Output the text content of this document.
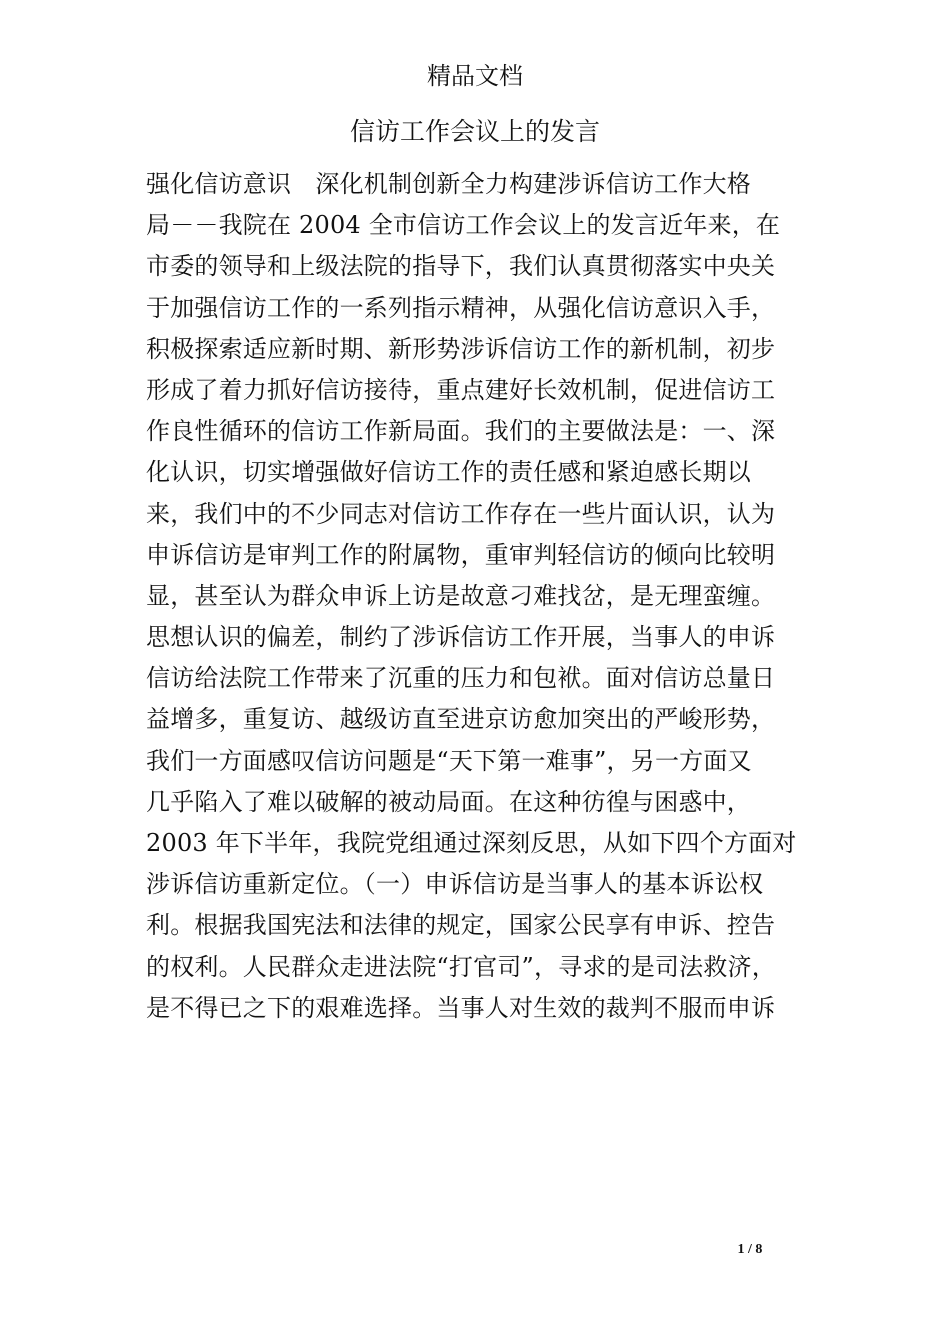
精品文档
信访工作会议上的发言
强化信访意识　深化机制创新全力构建涉诉信访工作大格
局－－我院在 2004 全市信访工作会议上的发言近年来，在
市委的领导和上级法院的指导下，我们认真贯彻落实中央关
于加强信访工作的一系列指示精神，从强化信访意识入手，
积极探索适应新时期、新形势涉诉信访工作的新机制，初步
形成了着力抓好信访接待，重点建好长效机制，促进信访工
作良性循环的信访工作新局面。我们的主要做法是：一、深
化认识，切实增强做好信访工作的责任感和紧迫感长期以
来，我们中的不少同志对信访工作存在一些片面认识，认为
申诉信访是审判工作的附属物，重审判轻信访的倾向比较明
显，甚至认为群众申诉上访是故意刁难找岔，是无理蛮缠。
思想认识的偏差，制约了涉诉信访工作开展，当事人的申诉
信访给法院工作带来了沉重的压力和包袱。面对信访总量日
益增多，重复访、越级访直至进京访愈加突出的严峻形势，
我们一方面感叹信访问题是“天下第一难事”，另一方面又
几乎陷入了难以破解的被动局面。在这种彷徨与困惑中，
2003 年下半年，我院党组通过深刻反思，从如下四个方面对
涉诉信访重新定位。（一）申诉信访是当事人的基本诉讼权
利。根据我国宪法和法律的规定，国家公民享有申诉、控告
的权利。人民群众走进法院“打官司”，寻求的是司法救济，
是不得已之下的艰难选择。当事人对生效的裁判不服而申诉
1 / 8
